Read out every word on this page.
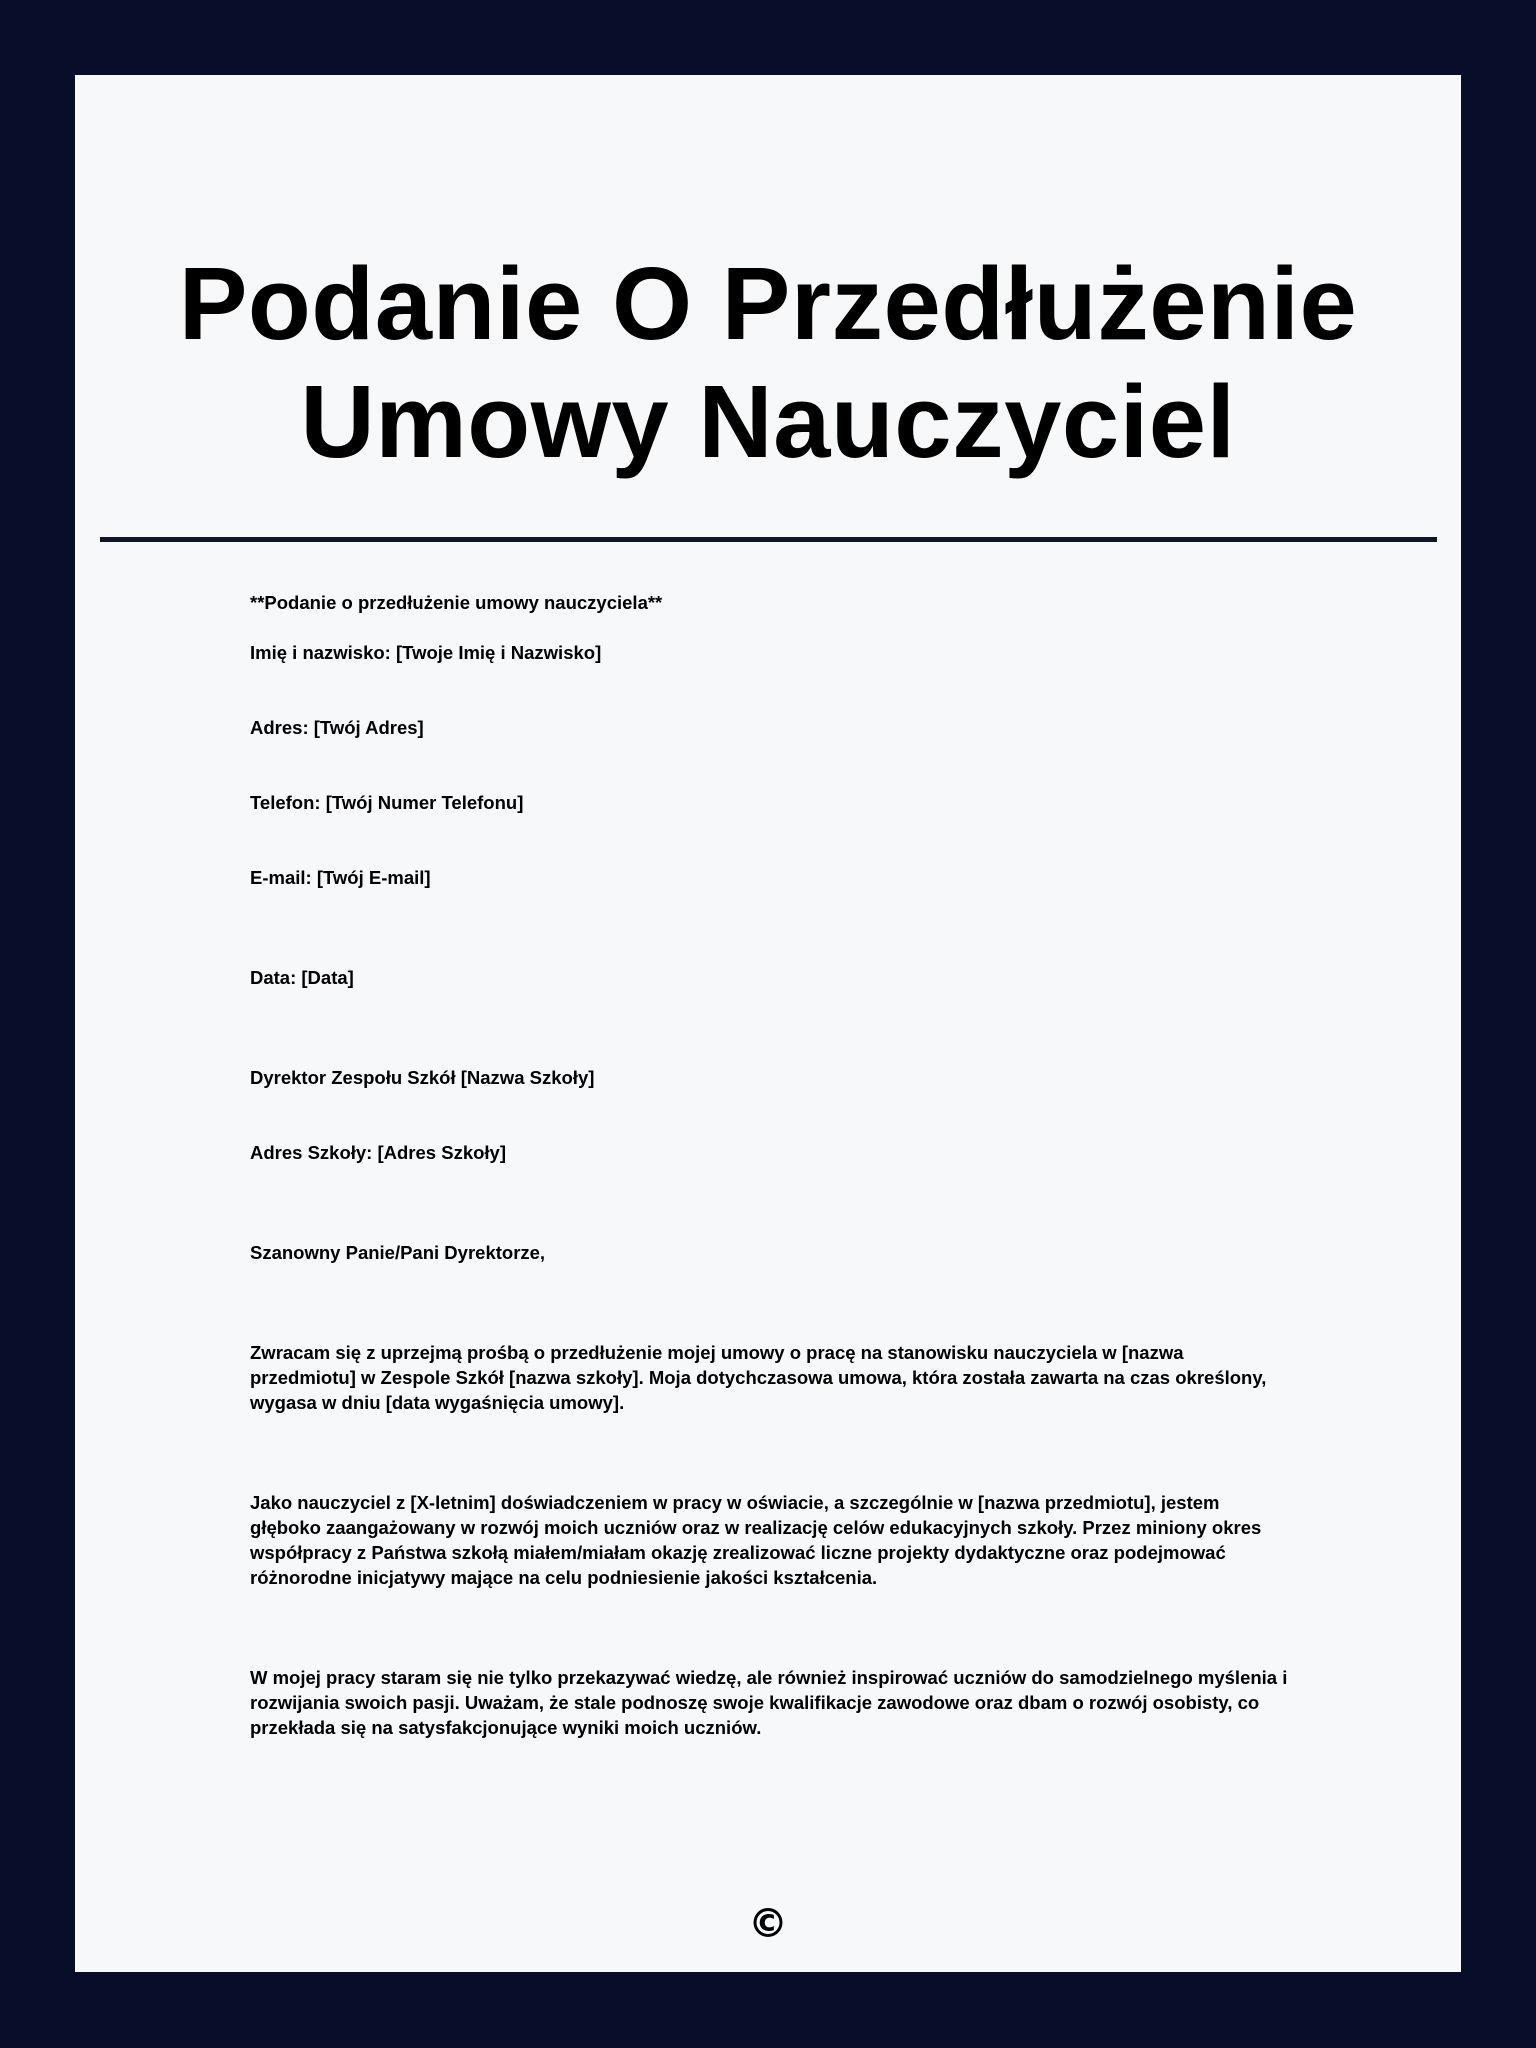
Podanie O Przedłużenie Umowy Nauczyciel

**Podanie o przedłużenie umowy nauczyciela**

Imię i nazwisko: [Twoje Imię i Nazwisko]

Adres: [Twój Adres]

Telefon: [Twój Numer Telefonu]

E-mail: [Twój E-mail]

Data: [Data]

Dyrektor Zespołu Szkół [Nazwa Szkoły]

Adres Szkoły: [Adres Szkoły]

Szanowny Panie/Pani Dyrektorze,

Zwracam się z uprzejmą prośbą o przedłużenie mojej umowy o pracę na stanowisku nauczyciela w [nazwa przedmiotu] w Zespole Szkół [nazwa szkoły]. Moja dotychczasowa umowa, która została zawarta na czas określony, wygasa w dniu [data wygaśnięcia umowy].

Jako nauczyciel z [X-letnim] doświadczeniem w pracy w oświacie, a szczególnie w [nazwa przedmiotu], jestem głęboko zaangażowany w rozwój moich uczniów oraz w realizację celów edukacyjnych szkoły. Przez miniony okres współpracy z Państwa szkołą miałem/miałam okazję zrealizować liczne projekty dydaktyczne oraz podejmować różnorodne inicjatywy mające na celu podniesienie jakości kształcenia.

W mojej pracy staram się nie tylko przekazywać wiedzę, ale również inspirować uczniów do samodzielnego myślenia i rozwijania swoich pasji. Uważam, że stale podnoszę swoje kwalifikacje zawodowe oraz dbam o rozwój osobisty, co przekłada się na satysfakcjonujące wyniki moich uczniów.

©
